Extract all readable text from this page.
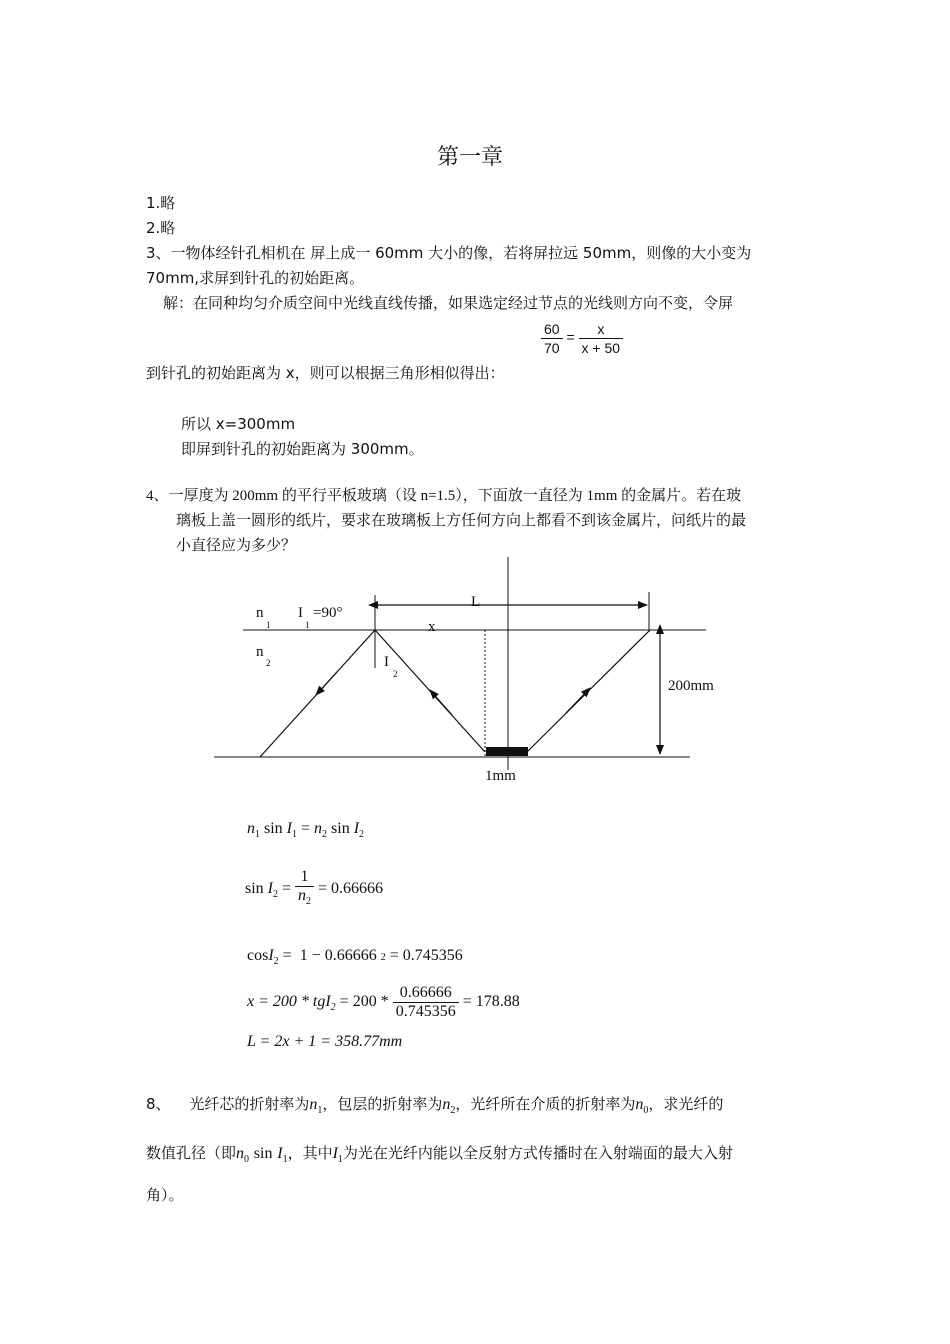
第一章
1.略
2.略
3、一物体经针孔相机在 屏上成一 60mm 大小的像，若将屏拉远 50mm，则像的大小变为
70mm,求屏到针孔的初始距离。
解：在同种均匀介质空间中光线直线传播，如果选定经过节点的光线则方向不变，令屏
$\frac{60}{70} = \frac{x}{x + 50}$
到针孔的初始距离为 x，则可以根据三角形相似得出：
所以 x=300mm
即屏到针孔的初始距离为 300mm。
4、一厚度为 200mm 的平行平板玻璃（设 n=1.5），下面放一直径为 1mm 的金属片。若在玻
璃板上盖一圆形的纸片，要求在玻璃板上方任何方向上都看不到该金属片，问纸片的最
小直径应为多少？
n
1
I
1
=90°
n
2	I
2
L
x
200mm
1mm
$n_1$ $\sin I_1 = n_2$ $\sin I_2$
$\sin I_2 = \frac{1}{n_2} = 0.66666$
cosI$_2$ = 1 − 0.66666 2 = 0.745356
$x = 200 * tgI_2 = 200 * \frac{0.66666}{0.745356} = 178.88$
L = 2x + 1 = 358.77mm
8、 光纤芯的折射率为$n_1$，包层的折射率为$n_2$，光纤所在介质的折射率为$n_0$，求光纤的
数值孔径（即$n_0$ $\sin I_1$，其中$I_1$为光在光纤内能以全反射方式传播时在入射端面的最大入射
角）。
